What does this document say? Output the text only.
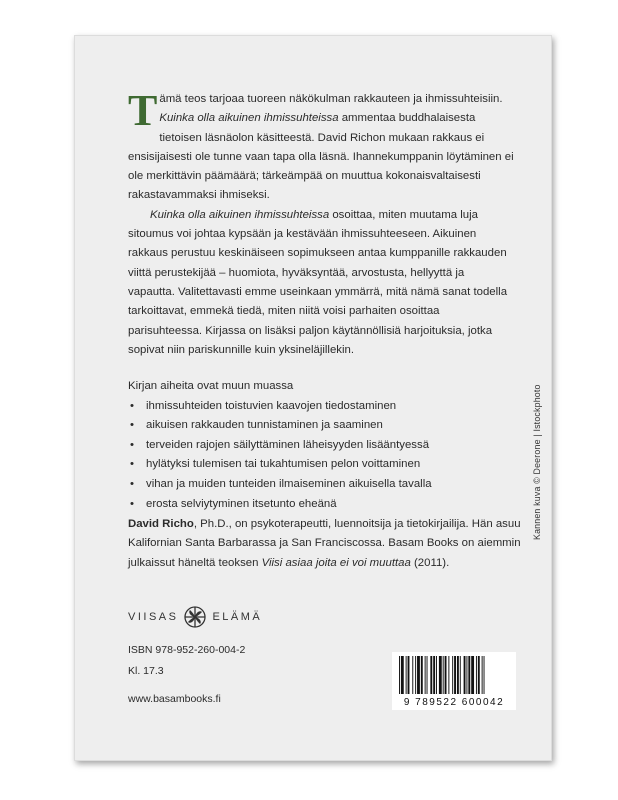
Tämä teos tarjoaa tuoreen näkökulman rakkauteen ja ihmissuhteisiin. Kuinka olla aikuinen ihmissuhteissa ammentaa buddhalaisesta tietoisen läsnäolon käsitteestä. David Richon mukaan rakkaus ei ensisijaisesti ole tunne vaan tapa olla läsnä. Ihannekumppanin löytäminen ei ole merkittävin päämäärä; tärkeämpää on muuttua kokonaisvaltaisesti rakastavammaksi ihmiseksi.

Kuinka olla aikuinen ihmissuhteissa osoittaa, miten muutama luja sitoumus voi johtaa kypsään ja kestävään ihmissuhteeseen. Aikuinen rakkaus perustuu keskinäiseen sopimukseen antaa kumppanille rakkauden viittä perustekijää – huomiota, hyväksyntää, arvostusta, hellyyttä ja vapautta. Valitettavasti emme useinkaan ymmärrä, mitä nämä sanat todella tarkoittavat, emmekä tiedä, miten niitä voisi parhaiten osoittaa parisuhteessa. Kirjassa on lisäksi paljon käytännöllisiä harjoituksia, jotka sopivat niin pariskunnille kuin yksineläjillekin.

Kirjan aiheita ovat muun muassa
• ihmissuhteiden toistuvien kaavojen tiedostaminen
• aikuisen rakkauden tunnistaminen ja saaminen
• terveiden rajojen säilyttäminen läheisyyden lisääntyessä
• hylätyksi tulemisen tai tukahtumisen pelon voittaminen
• vihan ja muiden tunteiden ilmaiseminen aikuisella tavalla
• erosta selviytyminen itsetunto eheänä
David Richo, Ph.D., on psykoterapeutti, luennoitsija ja tietokirjailija. Hän asuu Kalifornian Santa Barbarassa ja San Franciscossa. Basam Books on aiemmin julkaissut häneltä teoksen Viisi asiaa joita ei voi muuttaa (2011).
VIISAS	ELÄMÄ
ISBN 978-952-260-004-2
Kl. 17.3
www.basambooks.fi
Kannen kuva © Deerone | Istockphoto
9 789522 600042
